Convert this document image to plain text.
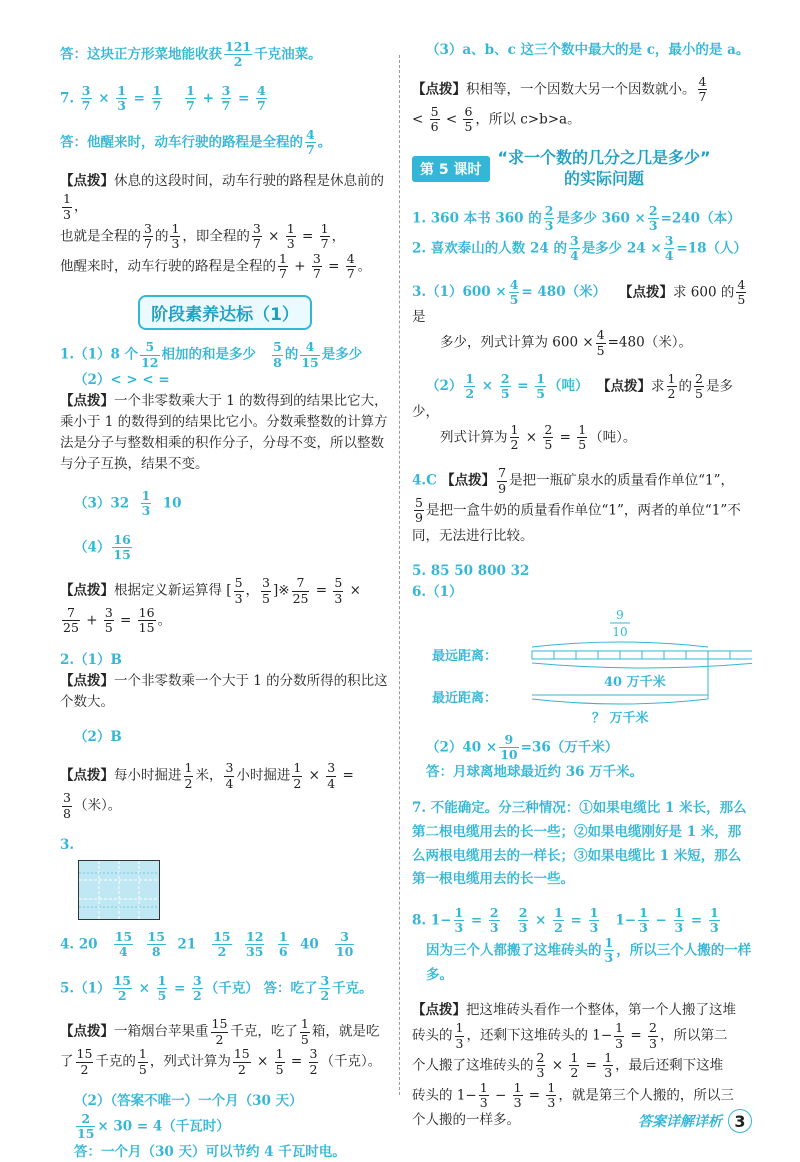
答：这块正方形菜地能收获 $\frac{121}{2}$ 千克油菜。

7. $\frac{3}{7} \times \frac{1}{3} = \frac{1}{7}$
$\frac{1}{7} + \frac{3}{7} = \frac{4}{7}$

答：他醒来时，动车行驶的路程是全程的 $\frac{4}{7}$ 。

【点拨】休息的这段时间，动车行驶的路程是休息前的
$\frac{1}{3}$ ，

也就是全程的 $\frac{3}{7}$ 的 $\frac{1}{3}$ ，即全程的 $\frac{3}{7} \times \frac{1}{3} = \frac{1}{7}$ ，

他醒来时，动车行驶的路程是全程的 $\frac{1}{7} + \frac{3}{7} = \frac{4}{7}$ 。

阶段素养达标（1）

1.（1）8 个 $\frac{5}{12}$ 相加的和是多少 $\frac{5}{8}$ 的 $\frac{4}{15}$ 是多少

（2）< > < =

【点拨】一个非零数乘大于 1 的数得到的结果比它大，乘小于 1 的数得到的结果比它小。分数乘整数的计算方法是分子与整数相乘的积作分子，分母不变，所以整数与分子互换，结果不变。

$(3)32 \frac{1}{3} 10$

$(4) \frac{16}{15}$

【点拨】根据定义新运算得 [ $\frac{5}{3}$ ， $\frac{3}{5}$ ]※ $\frac{7}{25} = \frac{5}{3}$ ×

$\frac{7}{25} + \frac{3}{5} = \frac{16}{15}$ 。

2.（1）B

【点拨】一个非零数乘一个大于 1 的分数所得的积比这个数大。

（2）B

【点拨】每小时掘进 $\frac{1}{2}$ 米， $\frac{3}{4}$ 小时掘进 $\frac{1}{2} \times \frac{3}{4}$ =

$\frac{3}{8}$ （米）。

3.

4. $20 \frac{15}{4}$
$\frac{15}{8} 21 \frac{15}{2}$
$\frac{12}{35}$
$\frac{1}{6} 40 \frac{3}{10}$

$5.(1) \frac{15}{2} \times \frac{1}{5} = \frac{3}{2}$ （千克） 答：吃了 $\frac{3}{2}$ 千克。

【点拨】一箱烟台苹果重 $\frac{15}{2}$ 千克，吃了 $\frac{1}{5}$ 箱，就是吃

了 $\frac{15}{2}$ 千克的 $\frac{1}{5}$ ，列式计算为 $\frac{15}{2} \times \frac{1}{5} = \frac{3}{2}$ （千克）。

（2）（答案不唯一）一个月（30 天）

$\frac{2}{15} \times 30 = 4$（千瓦时）

答：一个月（30 天）可以节约 4 千瓦时电。

（3）a、b、c 这三个数中最大的是 c，最小的是 a。

【点拨】积相等，一个因数大另一个因数就小。 $\frac{4}{7}$

< $\frac{5}{6} < \frac{6}{5}$ ，所以 c>b>a。

第 5 课时
“求一个数的几分之几是多少”
的实际问题

1. 360 本书 360 的 $\frac{2}{3}$ 是多少 $360 \times \frac{2}{3} =240$（本）

2. 喜欢泰山的人数 24 的 $\frac{3}{4}$ 是多少 $24 \times \frac{3}{4} =18$（人）

$3.(1)600 \times \frac{4}{5} = 480$（米） 【点拨】求 600 的 $\frac{4}{5}$
是

多少，列式计算为 $600 \times \frac{4}{5} =480$（米）。

$(2) \frac{1}{2} \times \frac{2}{5} = \frac{1}{5}$ （吨） 【点拨】求 $\frac{1}{2}$ 的 $\frac{2}{5}$ 是多少，

列式计算为 $\frac{1}{2} \times \frac{2}{5} = \frac{1}{5}$ （吨）。

4.C 【点拨】 $\frac{7}{9}$ 是把一瓶矿泉水的质量看作单位“1”，

$\frac{5}{9}$ 是把一盒牛奶的质量看作单位“1”，两者的单位“1”不同，无法进行比较。

5. 85 50 800 32

6.（1）

9
10
最远距离：
40 万千米
最近距离：
？ 万千米

$(2)40 \times \frac{9}{10} =36$（万千米）

答：月球离地球最近约 36 万千米。

7. 不能确定。分三种情况：①如果电缆比 1 米长，那么第二根电缆用去的长一些；②如果电缆刚好是 1 米，那么两根电缆用去的一样长；③如果电缆比 1 米短，那么第一根电缆用去的长一些。

8. $1- \frac{1}{3} = \frac{2}{3}$
$\frac{2}{3} \times \frac{1}{2} = \frac{1}{3} 1- \frac{1}{3} - \frac{1}{3} = \frac{1}{3}$

因为三个人都搬了这堆砖头的 $\frac{1}{3}$ ，所以三个人搬的一样多。

【点拨】把这堆砖头看作一个整体，第一个人搬了这堆

砖头的 $\frac{1}{3}$ ，还剩下这堆砖头的 $1- \frac{1}{3} = \frac{2}{3}$ ，所以第二

个人搬了这堆砖头的 $\frac{2}{3} \times \frac{1}{2} = \frac{1}{3}$ ，最后还剩下这堆

砖头的 $1- \frac{1}{3} - \frac{1}{3} = \frac{1}{3}$ ，就是第三个人搬的，所以三

个人搬的一样多。	答案详解详析 3
